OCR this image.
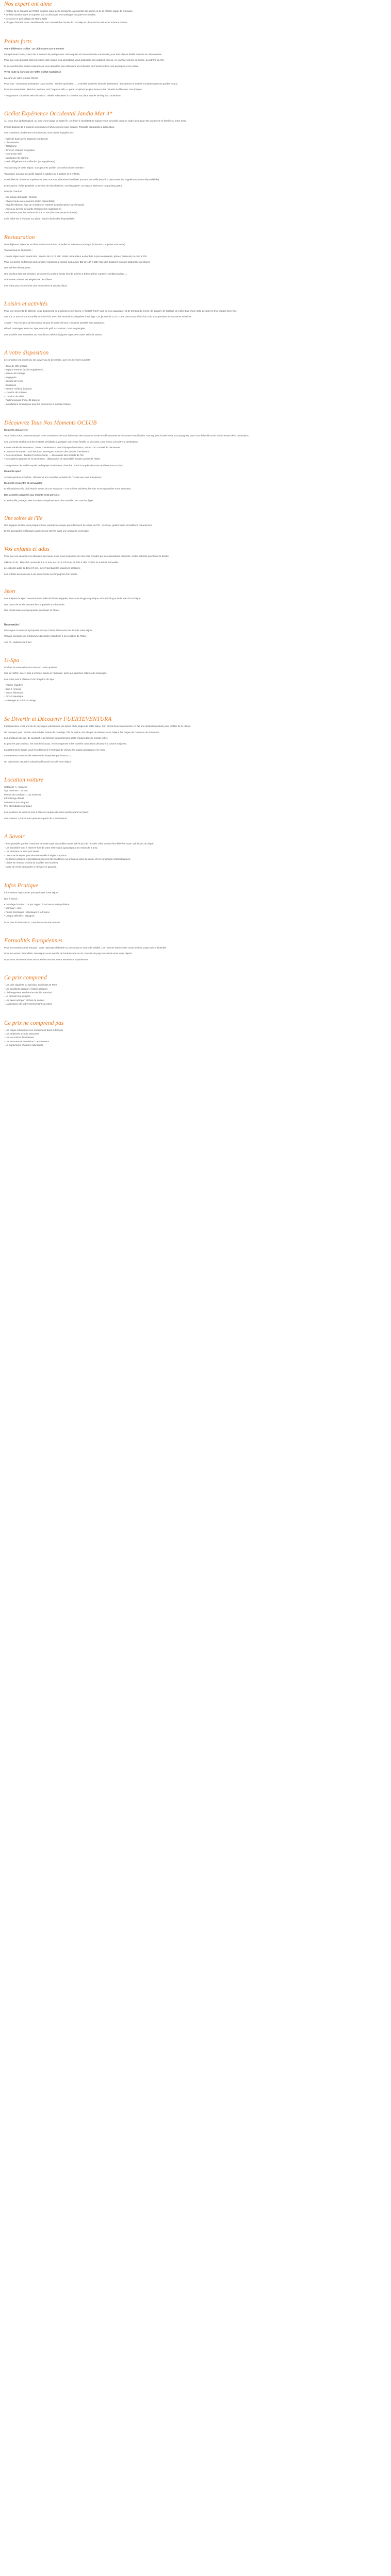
Nos expert ont aime
• Profiter de la situation de l'hôtel, au plein cœur de la presqu'île, à proximité des dunes et de la célèbre plage de Corralejo.
• Se faire dorloter dans le superbe spa ou découvrir les massages aux pierres chaudes.
• Découvrir le petit village de Morro Jable
• Plonger dans les eaux cristallines du Parc Naturel des Dunes de Corralejo et observer les tortues et la faune marine.
Points forts

Votre différence Océlot : un club ouvert sur le monde

Exceptionnel Océlot, vivez des moments de partage avec notre équipe et l'ensemble des vacanciers, pour des séjours festifs et riches en découvertes.

Pour que vous profitiez pleinement de votre séjour, nos animateurs vous proposent des activités variées, en journée comme en soirée, au rythme de l'île.

Et de nombreuses autres expériences vous attendent pour découvrir les richesses de Fuerteventura, ses paysages et sa culture.

Vivez toute la richesse de l'offre Océlot expérience

La carte de votre formule Océlot :

Pour tous : Nouveaux animateurs ; Spa Océlot ; soirées spéciales, ... ; Activités sportives selon la destination ; Excursions et sorties encadrées par nos guides locaux.

Pour les aventuriers : Marche nordique, surf, kayak et vélo — partez explorer les plus beaux sites naturels de l'île avec nos équipes.

* Programme d'activités selon la saison. Détails et horaires à consulter sur place auprès de l'équipe d'animation.

Océlot Expérience Occidental Jandia Mar 4*

Au cœur d'un jardin tropical, au bord d'une plage de sable fin, cet hôtel à l'architecture typique vous accueille dans un cadre idéal pour des vacances en famille ou entre amis.

L'hôtel dispose de 2 piscines extérieures et d'une piscine pour enfants. Transats et parasols à disposition.

Les chambres, modernes et lumineuses, sont toutes équipées de :

- Salle de bains avec baignoire ou douche
- Climatisation
- Téléphone
- TV avec chaînes françaises
- Connexion Wifi
- Ventilateur de plafond
- Petit réfrigérateur et coffre-fort (en supplément)

Tout au long de votre séjour, vous pourrez profiter du confort d'une chambre.

*Standard, pouvant accueillir jusqu'à 3 adultes ou 2 adultes et 2 enfants.

Possibilité de chambres supérieures avec vue mer, chambres familiales pouvant accueillir jusqu'à 4 personnes (en supplément, selon disponibilités).

Entre autres, l'hôtel possède un service de blanchisserie, une bagagerie, un espace internet et un parking gratuit.

Dans la chambre :

- Sur simple demande : lit bébé
- Chaise haute au restaurant (selon disponibilité)
- Chauffe-biberon, frigo de chambre et matériel de puériculture sur demande
- Accès au service de garde d'enfants (en supplément)
- Animations pour les enfants de 4 à 12 ans (hors vacances scolaires)

Le lit bébé est à réserver sur place, dans la limite des disponibilités.

Restauration

Petit-déjeuner, déjeuner et dîner servis sous forme de buffet au restaurant principal (boissons comprises aux repas).

Tout au long de la journée :

- Repas légers avec Snack Bar : service de 11h à 18h. Petite restauration au bord de la piscine (snacks, glaces, boissons) de 10h à 23h.

Pour les clients en formule tout compris : boissons à volonté au Lounge Bar de 10h à 23h (liste des boissons incluses disponible sur place).

Des soirées thématiques :

Une ou deux fois par semaine, découvrez la cuisine locale lors de soirées à thème (dîner canarien, méditerranéen...).

Une tenue correcte est exigée lors des dîners.

Les repas pour les enfants sont inclus dans le prix du séjour.

Loisirs et activités

Pour vos moments de détente, vous disposerez de 2 piscines extérieures, 1 "Splash Park" (aire de jeux aquatique) et de terrains de tennis, de squash, de football, de volley-ball, d'une salle de sport et d'un espace bien-être.

Les 4 à 12 ans seront accueillis au mini-club, avec des animations adaptées à leur âge. Les jeunes de 13 à 17 ans pourront profiter d'un club ados pendant les vacances scolaires.

À noter : Pour les jeux de bienvenue et pour le plaisir de tous, certaines activités sont payantes :

Billard, massages, soins au Spa, cours de golf, excursions, cours de plongée...

Les activités sont soumises aux conditions météorologiques et peuvent varier selon la saison.

A votre disposition

Le complexe est ouvert du 1er janvier au 31 décembre, avec les services suivants :

- Zone de Wifi gratuite
- Espace internet (accès supplément)
- Bureau de change
- Bagagerie
- Service de réveil
- Boutiques
- Service médical (payant)
- Location de voitures
- Location de vélos
- Parking payant (max. 36 places)
- Installations aménagées pour les personnes à mobilité réduite
Découvrez Tous Nos Moments OCLUB

Moments découverte

Vous l'aviez sans doute remarqué, notre volonté est de vous faire vivre des vacances riches en découvertes et rencontres inoubliables. Nos équipes locales vous accompagnent pour vous faire découvrir les richesses de la destination.

Les Moments Océlot sont des instants privilégiés à partager avec votre famille ou vos amis, pour mieux connaître la destination.

• Notre soirée de bienvenue : faites connaissance avec l'équipe d'animation, autour d'un cocktail de bienvenue.
• Un cours de danse : Soul Bachata, Merengue, Salsa et des danses d'ambiance.
• Des excursions : Jandía (Fuerteventura) — découverte des secrets de l'île.
• Des apéros typiques de la destination : dégustation de spécialités locales au bar de l'hôtel.

* Programme disponible auprès de l'équipe d'animation, dans les Oclub et auprès de notre représentant sur place.

Moments sport

Activité sportive encadrée : découvrez les nouvelles activités de l'Oclub avec nos animateurs.

Moments rencontre et convivialité

Et si l'ambiance du Club était le secret de vos vacances ? Les soirées animées, les jeux et les spectacles vous attendent.

Des activités adaptées aux enfants sont prévues :

Et en famille, partagez des moments complices avec des activités pour tous les âges.

Une soirée de l'Ile

Nos équipes locales vous préparent une expérience unique pour découvrir la culture de l'île : musique, gastronomie et traditions canariennes.

Et les spectacles folkloriques animent vos soirées dans une ambiance conviviale.

Vos enfants et adus

Pour que vos vacances se déroulent au mieux, nous vous proposons un mini-club encadré par des animateurs diplômés, et des activités pour toute la famille.

OMINI CLUB : Mini-club ouvert de 4 à 12 ans, de 10h à 12h30 et de 15h à 18h. Goûter et activités manuelles.

Le club des ados de 13 à 17 ans, ouvert pendant les vacances scolaires.

Les enfants de moins de 4 ans doivent être accompagnés d'un adulte.

Sport

Les adeptes de sport trouveront une salle de fitness équipée, des cours de gym aquatique, du stretching et de la marche nordique.

Des cours de tennis peuvent être organisés sur demande.

Des randonnées sont proposées au départ de l'hôtel.

Nouveautés !

Massages et soins sont proposés au Spa Océlot. Découvrez-les lors de votre séjour.

Chaque semaine, un programme d'activités est affiché à la réception de l'hôtel.

À la fin, cadeaux surprise !

U-Spa

Profitez de soins relaxants dans un cadre apaisant.

Spa de 150m² avec : bain à remous, sauna et hammam, ainsi que diverses cabines de massages.

Les soins sont à réserver à la réception du Spa.

- Piscine chauffée
- Bain à remous
- Sauna finlandais
- Circuit aquatique
- Massages et soins du visage
Se Divertir et Découvrir FUERTEVENTURA

Fuerteventura, c'est une île de paysages volcaniques, de dunes et de plages de sable blanc. Son climat doux toute l'année en fait une destination idéale pour profiter de la nature.

Ne manquez pas : le Parc Naturel des Dunes de Corralejo, l'île de Lobos, les villages de Betancuria et Pájara, les plages de Cofete et de Sotavento.

Les amateurs de surf, de windsurf et de kitesurf trouveront des spots réputés dans le monde entier.

Et pour les plus curieux, les marchés locaux, les fromageries et les musées vous feront découvrir la culture majorera.

La gastronomie locale vous fera découvrir le fromage de chèvre, les papas arrugadas et le mojo.

Fuerteventura est classée Réserve de Biosphère par l'UNESCO.

Un patrimoine naturel et culturel à découvrir lors de votre séjour.

Location voiture
Catégorie A : 4 places
Âge minimum : 21 ans
Permis de conduire : 1 an minimum
Kilométrage illimité
Assurance tous risques
Prix et modalités sur place

Les locations de voitures sont à réserver auprès de notre représentant sur place.

Les voitures 7 places sont prévues à partir de 5 participants.

A Savoir
- Il est possible que les chambres ne soient pas disponibles avant 15h le jour de l'arrivée. Elles doivent être libérées avant 12h le jour du départ.
- Les lits bébés sont à réserver lors de votre réservation (gratuit pour les moins de 2 ans).
- Les animaux ne sont pas admis.
- Une taxe de séjour peut être demandée à régler sur place.
- Certaines activités et prestations peuvent être modifiées ou annulées selon la saison et les conditions météorologiques.
- L'hôtel se réserve le droit de modifier ses horaires.
- Carte de crédit demandée à l'arrivée en garantie.
Infos Pratique

Informations importantes pour préparer votre séjour :

Bon à savoir :

• Décalage horaire : -1h par rapport à la France métropolitaine
• Monnaie : euro
• Prises électriques : identiques à la France
• Langue officielle : espagnol

Pour plus d'informations, consultez notre site internet.

Formalités Européennes

Pour les ressortissants français : carte nationale d'identité ou passeport en cours de validité. Les mineurs doivent être munis de leur propre pièce d'identité.

Pour les autres nationalités, renseignez-vous auprès de l'ambassade ou du consulat du pays concerné avant votre départ.

Nous vous recommandons de souscrire une assurance assistance rapatriement.

Ce prix comprend
- Les vols réguliers ou spéciaux au départ de Paris
- Les transferts aéroport / hôtel / aéroport
- L'hébergement en chambre double standard
- La formule tout compris
- Les taxes aéroport et frais de dossier
- L'assistance de notre représentant sur place
Ce prix ne comprend pas
- Les repas et boissons non mentionnés dans la formule
- Les dépenses d'ordre personnel
- Les excursions facultatives
- Les assurances annulation / rapatriement
- Le supplément chambre individuelle
